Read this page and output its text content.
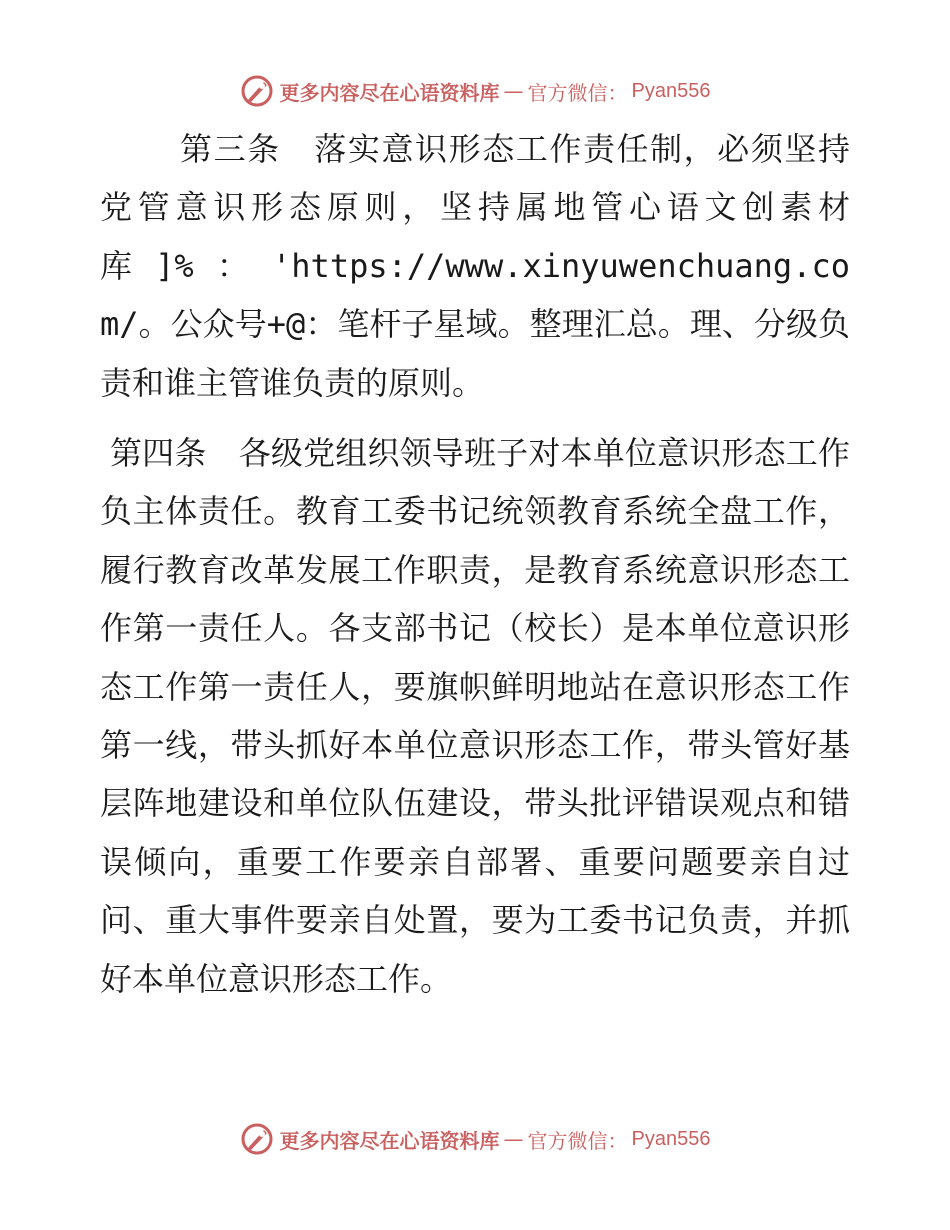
更多内容尽在心语资料库 — 官方微信： Pyan556

第三条　落实意识形态工作责任制，必须坚持党管意识形态原则，坚持属地管心语文创素材库]%：'https://www.xinyuwenchuang.com/。公众号+@：笔杆子星域。整理汇总。理、分级负责和谁主管谁负责的原则。

第四条　各级党组织领导班子对本单位意识形态工作负主体责任。教育工委书记统领教育系统全盘工作，履行教育改革发展工作职责，是教育系统意识形态工作第一责任人。各支部书记（校长）是本单位意识形态工作第一责任人，要旗帜鲜明地站在意识形态工作第一线，带头抓好本单位意识形态工作，带头管好基层阵地建设和单位队伍建设，带头批评错误观点和错误倾向，重要工作要亲自部署、重要问题要亲自过问、重大事件要亲自处置，要为工委书记负责，并抓好本单位意识形态工作。

更多内容尽在心语资料库 — 官方微信： Pyan556
